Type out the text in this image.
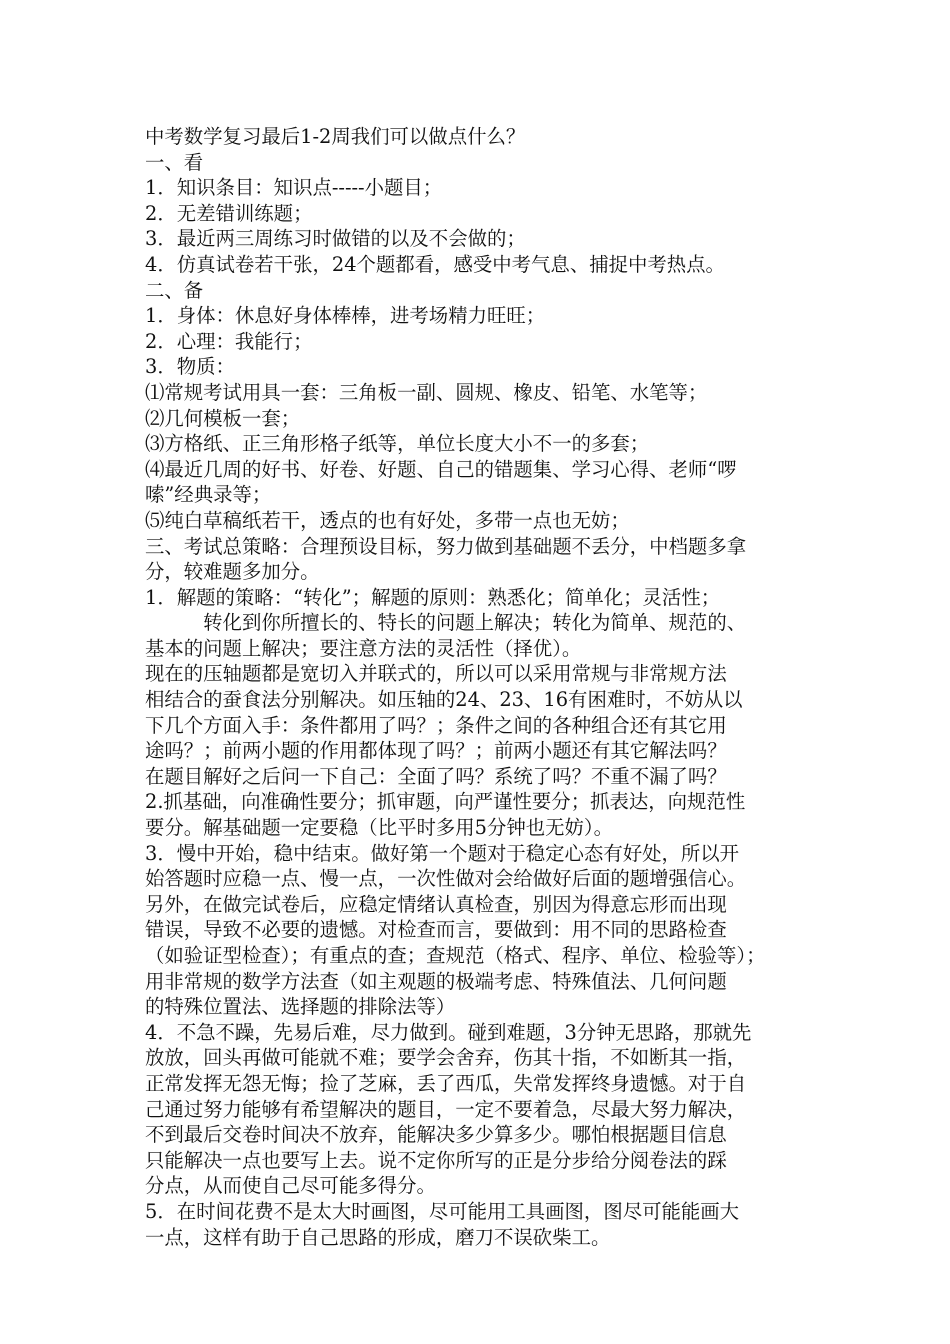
中考数学复习最后1-2周我们可以做点什么？
一、看
1．知识条目：知识点-----小题目；
2．无差错训练题；
3．最近两三周练习时做错的以及不会做的；
4．仿真试卷若干张，24个题都看，感受中考气息、捕捉中考热点。
二、备
1．身体：休息好身体棒棒，进考场精力旺旺；
2．心理：我能行；
3．物质：
⑴常规考试用具一套：三角板一副、圆规、橡皮、铅笔、水笔等；
⑵几何模板一套；
⑶方格纸、正三角形格子纸等，单位长度大小不一的多套；
⑷最近几周的好书、好卷、好题、自己的错题集、学习心得、老师“啰
嗦”经典录等；
⑸纯白草稿纸若干，透点的也有好处，多带一点也无妨；
三、考试总策略：合理预设目标，努力做到基础题不丢分，中档题多拿
分，较难题多加分。
1．解题的策略：“转化”；解题的原则：熟悉化；简单化；灵活性；
　　　转化到你所擅长的、特长的问题上解决；转化为简单、规范的、
基本的问题上解决；要注意方法的灵活性（择优）。
现在的压轴题都是宽切入并联式的，所以可以采用常规与非常规方法
相结合的蚕食法分别解决。如压轴的24、23、16有困难时，不妨从以
下几个方面入手：条件都用了吗？；条件之间的各种组合还有其它用
途吗？；前两小题的作用都体现了吗？；前两小题还有其它解法吗？
在题目解好之后问一下自己：全面了吗？系统了吗？不重不漏了吗？
2.抓基础，向准确性要分；抓审题，向严谨性要分；抓表达，向规范性
要分。解基础题一定要稳（比平时多用5分钟也无妨）。
3．慢中开始，稳中结束。做好第一个题对于稳定心态有好处，所以开
始答题时应稳一点、慢一点，一次性做对会给做好后面的题增强信心。
另外，在做完试卷后，应稳定情绪认真检查，别因为得意忘形而出现
错误，导致不必要的遗憾。对检查而言，要做到：用不同的思路检查
（如验证型检查）；有重点的查；查规范（格式、程序、单位、检验等）；
用非常规的数学方法查（如主观题的极端考虑、特殊值法、几何问题
的特殊位置法、选择题的排除法等）
4．不急不躁，先易后难，尽力做到。碰到难题，3分钟无思路，那就先
放放，回头再做可能就不难；要学会舍弃，伤其十指，不如断其一指，
正常发挥无怨无悔；捡了芝麻，丢了西瓜，失常发挥终身遗憾。对于自
己通过努力能够有希望解决的题目，一定不要着急，尽最大努力解决，
不到最后交卷时间决不放弃，能解决多少算多少。哪怕根据题目信息
只能解决一点也要写上去。说不定你所写的正是分步给分阅卷法的踩
分点，从而使自己尽可能多得分。
5．在时间花费不是太大时画图，尽可能用工具画图，图尽可能能画大
一点，这样有助于自己思路的形成，磨刀不误砍柴工。
